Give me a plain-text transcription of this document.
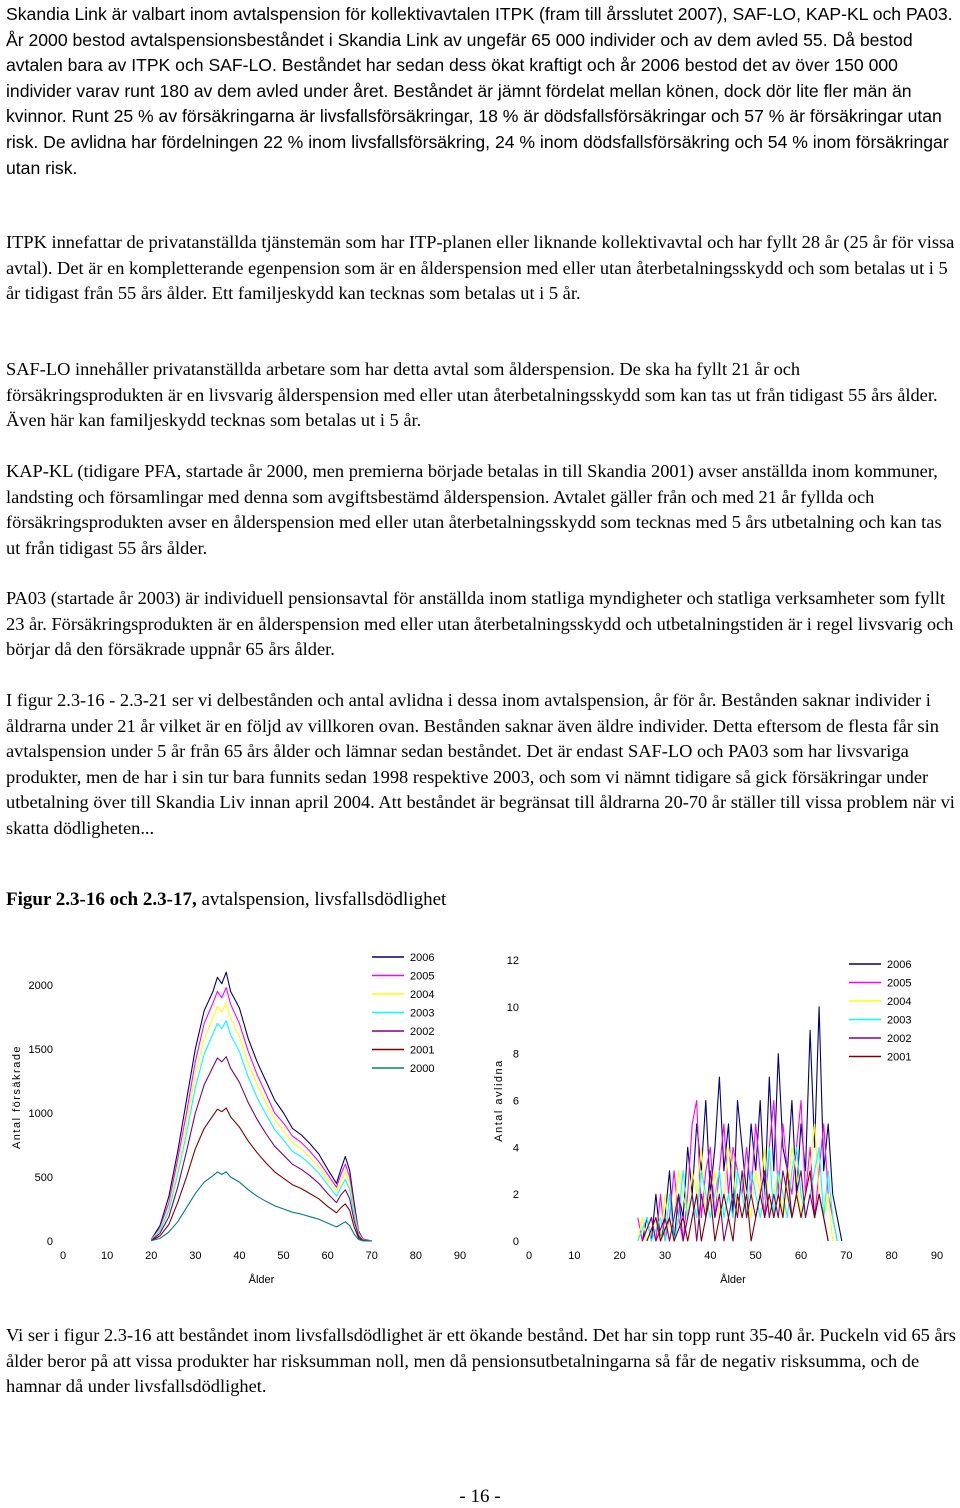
Skandia Link är valbart inom avtalspension för kollektivavtalen ITPK (fram till årsslutet 2007), SAF-LO, KAP-KL och PA03. År 2000 bestod avtalspensionsbeståndet i Skandia Link av ungefär 65 000 individer och av dem avled 55. Då bestod avtalen bara av ITPK och SAF-LO. Beståndet har sedan dess ökat kraftigt och år 2006 bestod det av över 150 000 individer varav runt 180 av dem avled under året. Beståndet är jämnt fördelat mellan könen, dock dör lite fler män än kvinnor. Runt 25 % av försäkringarna är livsfallsförsäkringar, 18 % är dödsfallsförsäkringar och 57 % är försäkringar utan risk. De avlidna har fördelningen 22 % inom livsfallsförsäkring, 24 % inom dödsfallsförsäkring och 54 % inom försäkringar utan risk.

ITPK innefattar de privatanställda tjänstemän som har ITP-planen eller liknande kollektivavtal och har fyllt 28 år (25 år för vissa avtal). Det är en kompletterande egenpension som är en ålderspension med eller utan återbetalningsskydd och som betalas ut i 5 år tidigast från 55 års ålder. Ett familjeskydd kan tecknas som betalas ut i 5 år.

SAF-LO innehåller privatanställda arbetare som har detta avtal som ålderspension. De ska ha fyllt 21 år och försäkringsprodukten är en livsvarig ålderspension med eller utan återbetalningsskydd som kan tas ut från tidigast 55 års ålder. Även här kan familjeskydd tecknas som betalas ut i 5 år.

KAP-KL (tidigare PFA, startade år 2000, men premierna började betalas in till Skandia 2001) avser anställda inom kommuner, landsting och församlingar med denna som avgiftsbestämd ålderspension. Avtalet gäller från och med 21 år fyllda och försäkringsprodukten avser en ålderspension med eller utan återbetalningsskydd som tecknas med 5 års utbetalning och kan tas ut från tidigast 55 års ålder.

PA03 (startade år 2003) är individuell pensionsavtal för anställda inom statliga myndigheter och statliga verksamheter som fyllt 23 år. Försäkringsprodukten är en ålderspension med eller utan återbetalningsskydd och utbetalningstiden är i regel livsvarig och börjar då den försäkrade uppnår 65 års ålder.

I figur 2.3-16 - 2.3-21 ser vi delbestånden och antal avlidna i dessa inom avtalspension, år för år. Bestånden saknar individer i åldrarna under 21 år vilket är en följd av villkoren ovan. Bestånden saknar även äldre individer. Detta eftersom de flesta får sin avtalspension under 5 år från 65 års ålder och lämnar sedan beståndet. Det är endast SAF-LO och PA03 som har livsvariga produkter, men de har i sin tur bara funnits sedan 1998 respektive 2003, och som vi nämnt tidigare så gick försäkringar under utbetalning över till Skandia Liv innan april 2004. Att beståndet är begränsat till åldrarna 20-70 år ställer till vissa problem när vi skatta dödligheten...

Figur 2.3-16 och 2.3-17, avtalspension, livsfallsdödlighet

0	10	20	30	40	50	60	70	80	90
0
500
1000
1500
2000
Ålder
Antal försäkrade
2006
2005
2004
2003
2002
2001
2000
0	10	20	30	40	50	60	70	80	90
0
2
4
6
8
10
12
Ålder
Antal avlidna
2006
2005
2004
2003
2002
2001

Vi ser i figur 2.3-16 att beståndet inom livsfallsdödlighet är ett ökande bestånd. Det har sin topp runt 35-40 år. Puckeln vid 65 års ålder beror på att vissa produkter har risksumman noll, men då pensionsutbetalningarna så får de negativ risksumma, och de hamnar då under livsfallsdödlighet.

- 16 -
